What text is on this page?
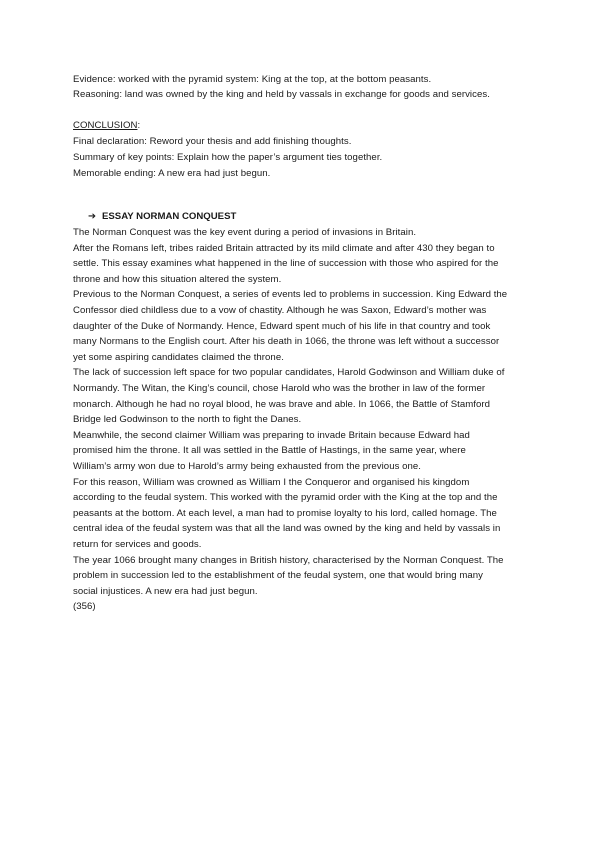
Evidence: worked with the pyramid system: King at the top, at the bottom peasants.
Reasoning: land was owned by the king and held by vassals in exchange for goods and services.
CONCLUSION:
Final declaration: Reword your thesis and add finishing thoughts.
Summary of key points: Explain how the paper’s argument ties together.
Memorable ending: A new era had just begun.
➔ ESSAY NORMAN CONQUEST
The Norman Conquest was the key event during a period of invasions in Britain.
After the Romans left, tribes raided Britain attracted by its mild climate and after 430 they began to
settle. This essay examines what happened in the line of succession with those who aspired for the
throne and how this situation altered the system.
Previous to the Norman Conquest, a series of events led to problems in succession. King Edward the
Confessor died childless due to a vow of chastity. Although he was Saxon, Edward’s mother was
daughter of the Duke of Normandy. Hence, Edward spent much of his life in that country and took
many Normans to the English court. After his death in 1066, the throne was left without a successor
yet some aspiring candidates claimed the throne.
The lack of succession left space for two popular candidates, Harold Godwinson and William duke of
Normandy. The Witan, the King’s council, chose Harold who was the brother in law of the former
monarch. Although he had no royal blood, he was brave and able. In 1066, the Battle of Stamford
Bridge led Godwinson to the north to fight the Danes.
Meanwhile, the second claimer William was preparing to invade Britain because Edward had
promised him the throne. It all was settled in the Battle of Hastings, in the same year, where
William’s army won due to Harold’s army being exhausted from the previous one.
For this reason, William was crowned as William I the Conqueror and organised his kingdom
according to the feudal system. This worked with the pyramid order with the King at the top and the
peasants at the bottom. At each level, a man had to promise loyalty to his lord, called homage. The
central idea of the feudal system was that all the land was owned by the king and held by vassals in
return for services and goods.
The year 1066 brought many changes in British history, characterised by the Norman Conquest. The
problem in succession led to the establishment of the feudal system, one that would bring many
social injustices. A new era had just begun.
(356)
